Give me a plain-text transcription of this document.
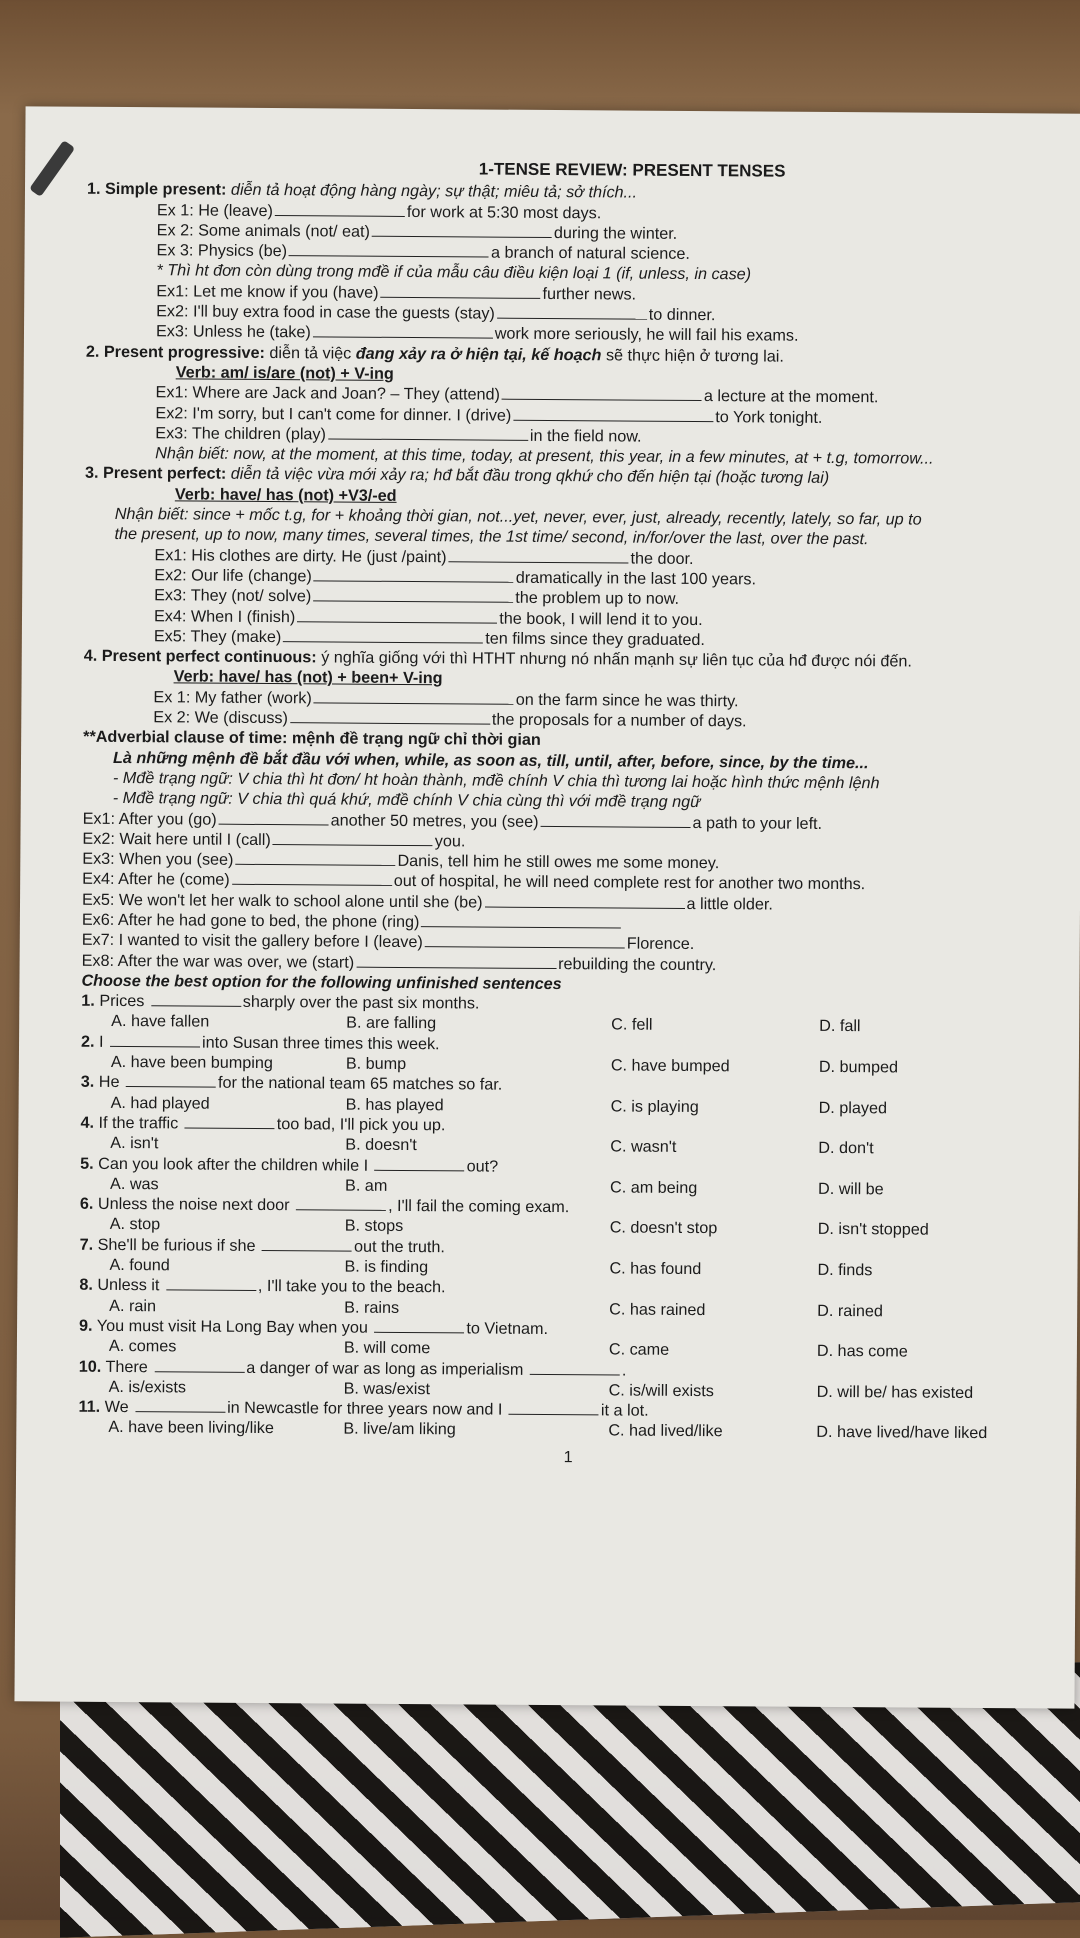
1-TENSE REVIEW: PRESENT TENSES
1. Simple present: diễn tả hoạt động hàng ngày; sự thật; miêu tả; sở thích...
Ex 1: He (leave)	for work at 5:30 most days.
Ex 2: Some animals (not/ eat)	during the winter.
Ex 3: Physics (be)	a branch of natural science.
* Thì ht đơn còn dùng trong mđề if của mẫu câu điều kiện loại 1 (if, unless, in case)
Ex1: Let me know if you (have)	further news.
Ex2: I'll buy extra food in case the guests (stay)	to dinner.
Ex3: Unless he (take)	work more seriously, he will fail his exams.
2. Present progressive: diễn tả việc đang xảy ra ở hiện tại, kế hoạch sẽ thực hiện ở tương lai.
Verb: am/ is/are (not) + V-ing
Ex1: Where are Jack and Joan? – They (attend)	a lecture at the moment.
Ex2: I'm sorry, but I can't come for dinner. I (drive)	to York tonight.
Ex3: The children (play)	in the field now.
Nhận biết: now, at the moment, at this time, today, at present, this year, in a few minutes, at + t.g, tomorrow...
3. Present perfect: diễn tả việc vừa mới xảy ra; hđ bắt đầu trong qkhứ cho đến hiện tại (hoặc tương lai)
Verb: have/ has (not) +V3/-ed
Nhận biết: since + mốc t.g, for + khoảng thời gian, not...yet, never, ever, just, already, recently, lately, so far, up to
the present, up to now, many times, several times, the 1st time/ second, in/for/over the last, over the past.
Ex1: His clothes are dirty. He (just /paint)	the door.
Ex2: Our life (change)	dramatically in the last 100 years.
Ex3: They (not/ solve)	the problem up to now.
Ex4: When I (finish)	the book, I will lend it to you.
Ex5: They (make)	ten films since they graduated.
4. Present perfect continuous: ý nghĩa giống với thì HTHT nhưng nó nhấn mạnh sự liên tục của hđ được nói đến.
Verb: have/ has (not) + been+ V-ing
Ex 1: My father (work)	on the farm since he was thirty.
Ex 2: We (discuss)	the proposals for a number of days.
**Adverbial clause of time: mệnh đề trạng ngữ chỉ thời gian
Là những mệnh đề bắt đầu với when, while, as soon as, till, until, after, before, since, by the time...
- Mđề trạng ngữ: V chia thì ht đơn/ ht hoàn thành, mđề chính V chia thì tương lai hoặc hình thức mệnh lệnh
- Mđề trạng ngữ: V chia thì quá khứ, mđề chính V chia cùng thì với mđề trạng ngữ
Ex1: After you (go)	another 50 metres, you (see)	a path to your left.
Ex2: Wait here until I (call)	you.
Ex3: When you (see)	Danis, tell him he still owes me some money.
Ex4: After he (come)	out of hospital, he will need complete rest for another two months.
Ex5: We won't let her walk to school alone until she (be)	a little older.
Ex6: After he had gone to bed, the phone (ring)
Ex7: I wanted to visit the gallery before I (leave)	Florence.
Ex8: After the war was over, we (start)	rebuilding the country.
Choose the best option for the following unfinished sentences
1. Prices	sharply over the past six months.
A. have fallen	B. are falling	C. fell	D. fall
2. I	into Susan three times this week.
A. have been bumping	B. bump	C. have bumped	D. bumped
3. He	for the national team 65 matches so far.
A. had played	B. has played	C. is playing	D. played
4. If the traffic	too bad, I'll pick you up.
A. isn't	B. doesn't	C. wasn't	D. don't
5. Can you look after the children while I	out?
A. was	B. am	C. am being	D. will be
6. Unless the noise next door	, I'll fail the coming exam.
A. stop	B. stops	C. doesn't stop	D. isn't stopped
7. She'll be furious if she	out the truth.
A. found	B. is finding	C. has found	D. finds
8. Unless it	, I'll take you to the beach.
A. rain	B. rains	C. has rained	D. rained
9. You must visit Ha Long Bay when you	to Vietnam.
A. comes	B. will come	C. came	D. has come
10. There	a danger of war as long as imperialism	.
A. is/exists	B. was/exist	C. is/will exists	D. will be/ has existed
11. We	in Newcastle for three years now and I	it a lot.
A. have been living/like	B. live/am liking	C. had lived/like	D. have lived/have liked
1
